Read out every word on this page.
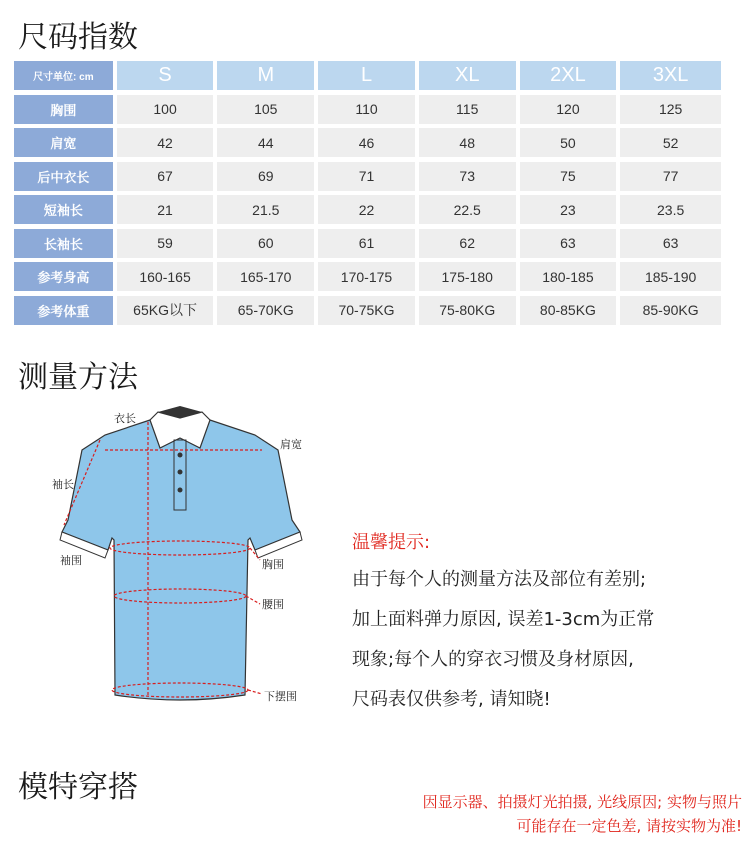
尺码指数
尺寸单位: cm	S	M	L	XL	2XL	3XL
胸围	100	105	110	115	120	125
肩宽	42	44	46	48	50	52
后中衣长	67	69	71	73	75	77
短袖长	21	21.5	22	22.5	23	23.5
长袖长	59	60	61	62	63	63
参考身高	160-165	165-170	170-175	175-180	180-185	185-190
参考体重	65KG以下	65-70KG	70-75KG	75-80KG	80-85KG	85-90KG
测量方法
衣长
肩宽
袖长
袖围	胸围
腰围
下摆围
温馨提示:
由于每个人的测量方法及部位有差别;
加上面料弹力原因, 误差1-3cm为正常
现象;每个人的穿衣习惯及身材原因,
尺码表仅供参考, 请知晓!
模特穿搭	因显示器、拍摄灯光拍摄, 光线原因; 实物与照片
可能存在一定色差, 请按实物为准!
